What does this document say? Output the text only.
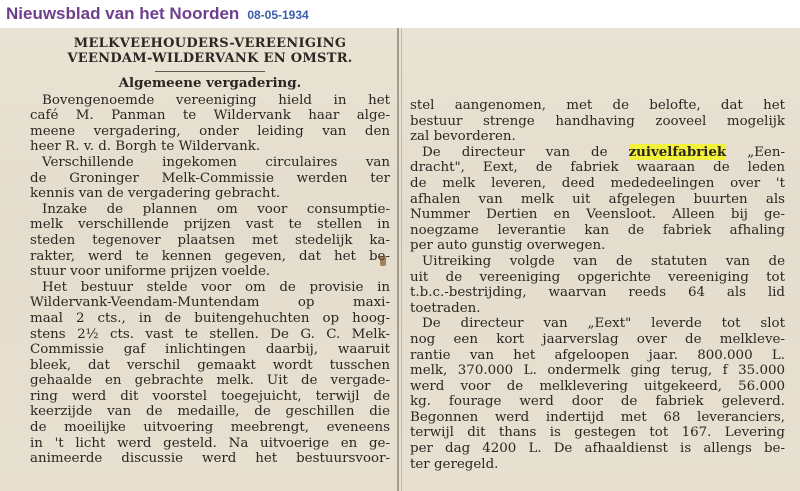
Nieuwsblad van het Noorden 08-05-1934
MELKVEEHOUDERS-VEREENIGING
VEENDAM-WILDERVANK EN OMSTR.
Algemeene vergadering.
Bovengenoemde vereeniging hield in het
café M. Panman te Wildervank haar alge-
meene vergadering, onder leiding van den
heer R. v. d. Borgh te Wildervank.
Verschillende ingekomen circulaires van
de Groninger Melk-Commissie werden ter
kennis van de vergadering gebracht.
Inzake de plannen om voor consumptie-
melk verschillende prijzen vast te stellen in
steden tegenover plaatsen met stedelijk ka-
rakter, werd te kennen gegeven, dat het be-
stuur voor uniforme prijzen voelde.
Het bestuur stelde voor om de provisie in
Wildervank-Veendam-Muntendam op maxi-
maal 2 cts., in de buitengehuchten op hoog-
stens 2½ cts. vast te stellen. De G. C. Melk-
Commissie gaf inlichtingen daarbij, waaruit
bleek, dat verschil gemaakt wordt tusschen
gehaalde en gebrachte melk. Uit de vergade-
ring werd dit voorstel toegejuicht, terwijl de
keerzijde van de medaille, de geschillen die
de moeilijke uitvoering meebrengt, eveneens
in 't licht werd gesteld. Na uitvoerige en ge-
animeerde discussie werd het bestuursvoor-
stel aangenomen, met de belofte, dat het
bestuur strenge handhaving zooveel mogelijk
zal bevorderen.
De directeur van de zuivelfabriek „Een-
dracht", Eext, de fabriek waaraan de leden
de melk leveren, deed mededeelingen over 't
afhalen van melk uit afgelegen buurten als
Nummer Dertien en Veensloot. Alleen bij ge-
noegzame leverantie kan de fabriek afhaling
per auto gunstig overwegen.
Uitreiking volgde van de statuten van de
uit de vereeniging opgerichte vereeniging tot
t.b.c.-bestrijding, waarvan reeds 64 als lid
toetraden.
De directeur van „Eext" leverde tot slot
nog een kort jaarverslag over de melkleve-
rantie van het afgeloopen jaar. 800.000 L.
melk, 370.000 L. ondermelk ging terug, f 35.000
werd voor de melklevering uitgekeerd, 56.000
kg. fourage werd door de fabriek geleverd.
Begonnen werd indertijd met 68 leveranciers,
terwijl dit thans is gestegen tot 167. Levering
per dag 4200 L. De afhaaldienst is allengs be-
ter geregeld.
